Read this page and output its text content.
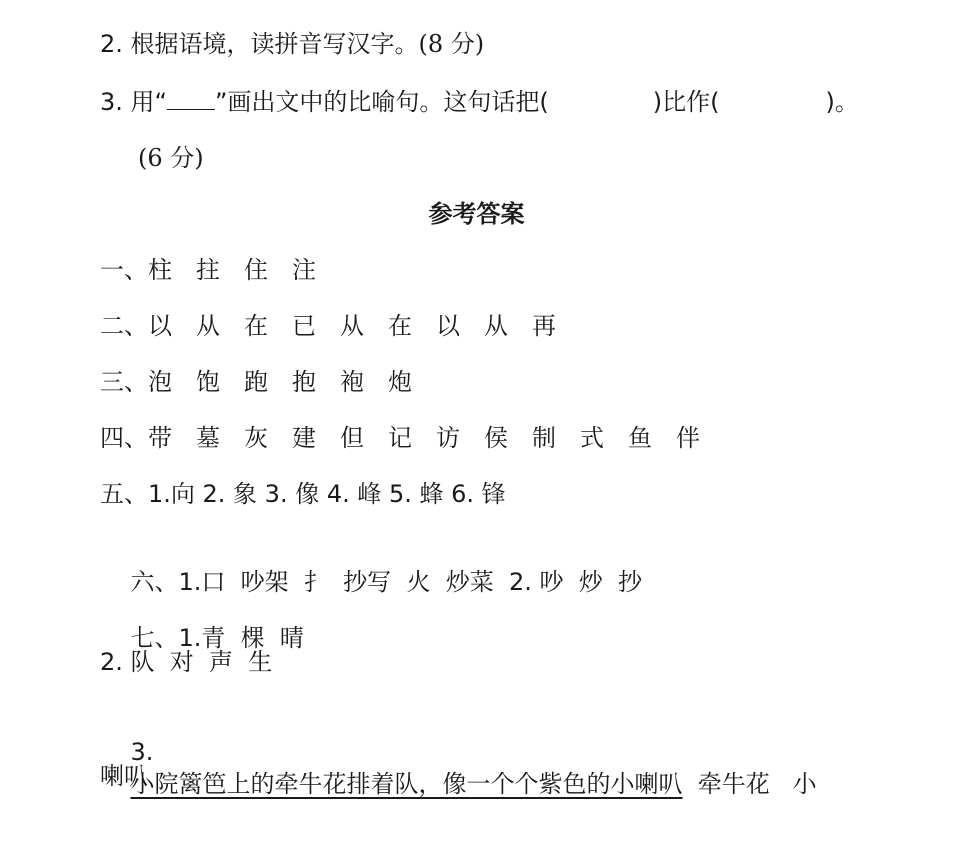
2. 根据语境，读拼音写汉字。(8 分)
3. 用“ ”画出文中的比喻句。这句话把(	)比作(	)。
(6 分)
参考答案
一、柱 拄 住 注
二、以 从 在 已 从 在 以 从 再
三、泡 饱 跑 抱 袍 炮
四、带 墓 灰 建 但 记 访 侯 制 式 鱼 伴
五、1.向 2. 象 3. 像 4. 峰 5. 蜂 6. 锋

六、1.口  吵架  扌  抄写  火  炒菜  2. 吵  炒  抄

七、1.青  棵  晴

2. 队  对  声  生

3.
小院篱笆上的牵牛花排着队，像一个个紫色的小喇叭  牵牛花   小

喇叭
